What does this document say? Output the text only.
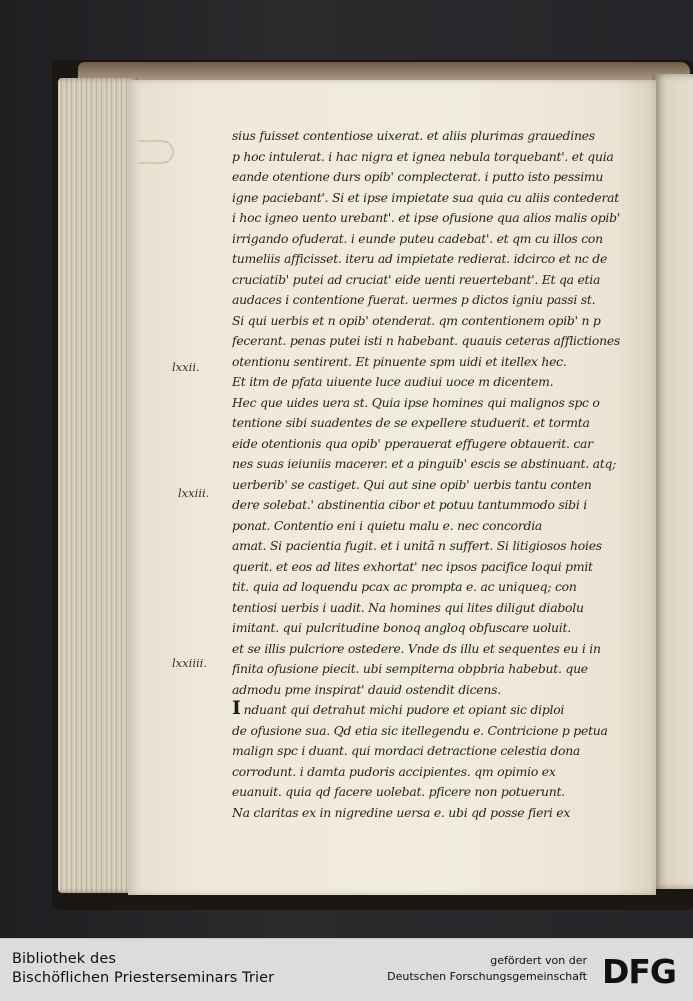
lxxii.
lxxiii.
lxxiiii.
sius fuisset contentiose uixerat. et aliis plurimas grauedines
p hoc intulerat. i hac nigra et ignea nebula torquebant'. et quia
eande otentione durs opib' complecterat. i putto isto pessimu
igne paciebant'. Si et ipse impietate sua quia cu aliis contederat
i hoc igneo uento urebant'. et ipse ofusione qua alios malis opib'
irrigando ofuderat. i eunde puteu cadebat'. et qm cu illos con
tumeliis afficisset. iteru ad impietate redierat. idcirco et nc de
cruciatib' putei ad cruciat' eide uenti reuertebant'. Et qa etia
audaces i contentione fuerat. uermes p dictos igniu passi st.
Si qui uerbis et n opib' otenderat. qm contentionem opib' n p
fecerant. penas putei isti n habebant. quauis ceteras afflictiones
otentionu sentirent. Et pinuente spm uidi et itellex hec.
Et itm de pfata uiuente luce audiui uoce m dicentem.
Hec que uides uera st. Quia ipse homines qui malignos spc o
tentione sibi suadentes de se expellere studuerit. et tormta
eide otentionis qua opib' pperauerat effugere obtauerit. car
nes suas ieiuniis macerer. et a pinguib' escis se abstinuant. atq;
uerberib' se castiget. Qui aut sine opib' uerbis tantu conten
dere solebat.' abstinentia cibor et potuu tantummodo sibi i
ponat. Contentio eni i quietu malu e. nec concordia
amat. Si pacientia fugit. et i unitã n suffert. Si litigiosos hoies
querit. et eos ad lites exhortat' nec ipsos pacifice loqui pmit
tit. quia ad loquendu pcax ac prompta e. ac uniqueq; con
tentiosi uerbis i uadit. Na homines qui lites diligut diabolu
imitant. qui pulcritudine bonoq angloq obfuscare uoluit.
et se illis pulcriore ostedere. Vnde ds illu et sequentes eu i in
finita ofusione piecit. ubi sempiterna obpbria habebut. que
admodu pme inspirat' dauid ostendit dicens.
Induant qui detrahut michi pudore et opiant sic diploi
de ofusione sua. Qd etia sic itellegendu e. Contricione p petua
malign spc i duant. qui mordaci detractione celestia dona
corrodunt. i damta pudoris accipientes. qm opimio ex
euanuit. quia qd facere uolebat. pficere non potuerunt.
Na claritas ex in nigredine uersa e. ubi qd posse fieri ex
Bibliothek des
Bischöflichen Priesterseminars Trier
gefördert von der
Deutschen Forschungsgemeinschaft DFG
